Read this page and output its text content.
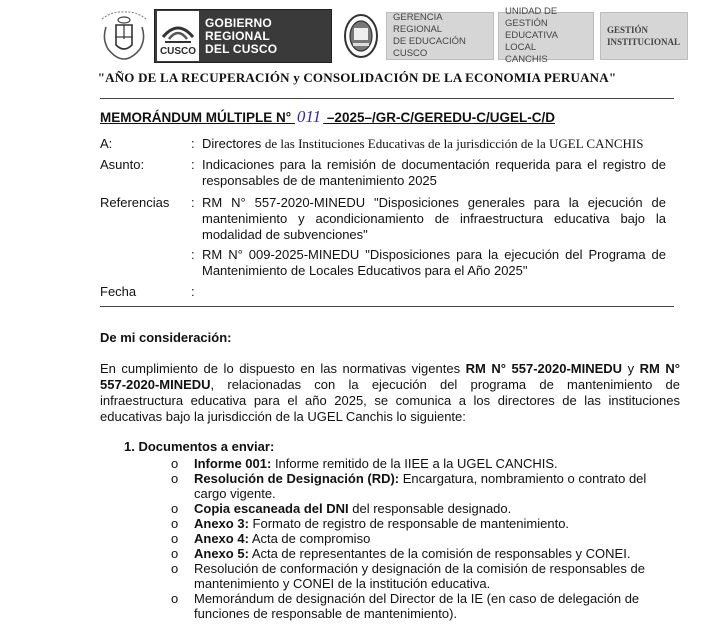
CUSCO
GOBIERNO
REGIONAL
DEL CUSCO
GERENCIA REGIONAL
DE EDUCACIÓN CUSCO
UNIDAD DE GESTIÓN
EDUCATIVA LOCAL
CANCHIS
GESTIÓN
INSTITUCIONAL
"AÑO DE LA RECUPERACIÓN y CONSOLIDACIÓN DE LA ECONOMIA PERUANA"
MEMORÁNDUM MÚLTIPLE N° 011 –2025–/GR-C/GEREDU-C/UGEL-C/D
A:	: Directores de las Instituciones Educativas de la jurisdicción de la UGEL CANCHIS
Asunto:	: Indicaciones para la remisión de documentación requerida para el registro de responsables de de mantenimiento 2025
Referencias : RM N° 557-2020-MINEDU "Disposiciones generales para la ejecución de mantenimiento y acondicionamiento de infraestructura educativa bajo la modalidad de subvenciones"
: RM N° 009-2025-MINEDU "Disposiciones para la ejecución del Programa de Mantenimiento de Locales Educativos para el Año 2025"
Fecha	:
De mi consideración:
En cumplimiento de lo dispuesto en las normativas vigentes RM N° 557-2020-MINEDU y RM N° 557-2020-MINEDU, relacionadas con la ejecución del programa de mantenimiento de infraestructura educativa para el año 2025, se comunica a los directores de las instituciones educativas bajo la jurisdicción de la UGEL Canchis lo siguiente:
1. Documentos a enviar:
o Informe 001: Informe remitido de la IIEE a la UGEL CANCHIS.
o Resolución de Designación (RD): Encargatura, nombramiento o contrato del cargo vigente.
o Copia escaneada del DNI del responsable designado.
o Anexo 3: Formato de registro de responsable de mantenimiento.
o Anexo 4: Acta de compromiso
o Anexo 5: Acta de representantes de la comisión de responsables y CONEI.
o Resolución de conformación y designación de la comisión de responsables de mantenimiento y CONEI de la institución educativa.
o Memorándum de designación del Director de la IE (en caso de delegación de funciones de responsable de mantenimiento).
